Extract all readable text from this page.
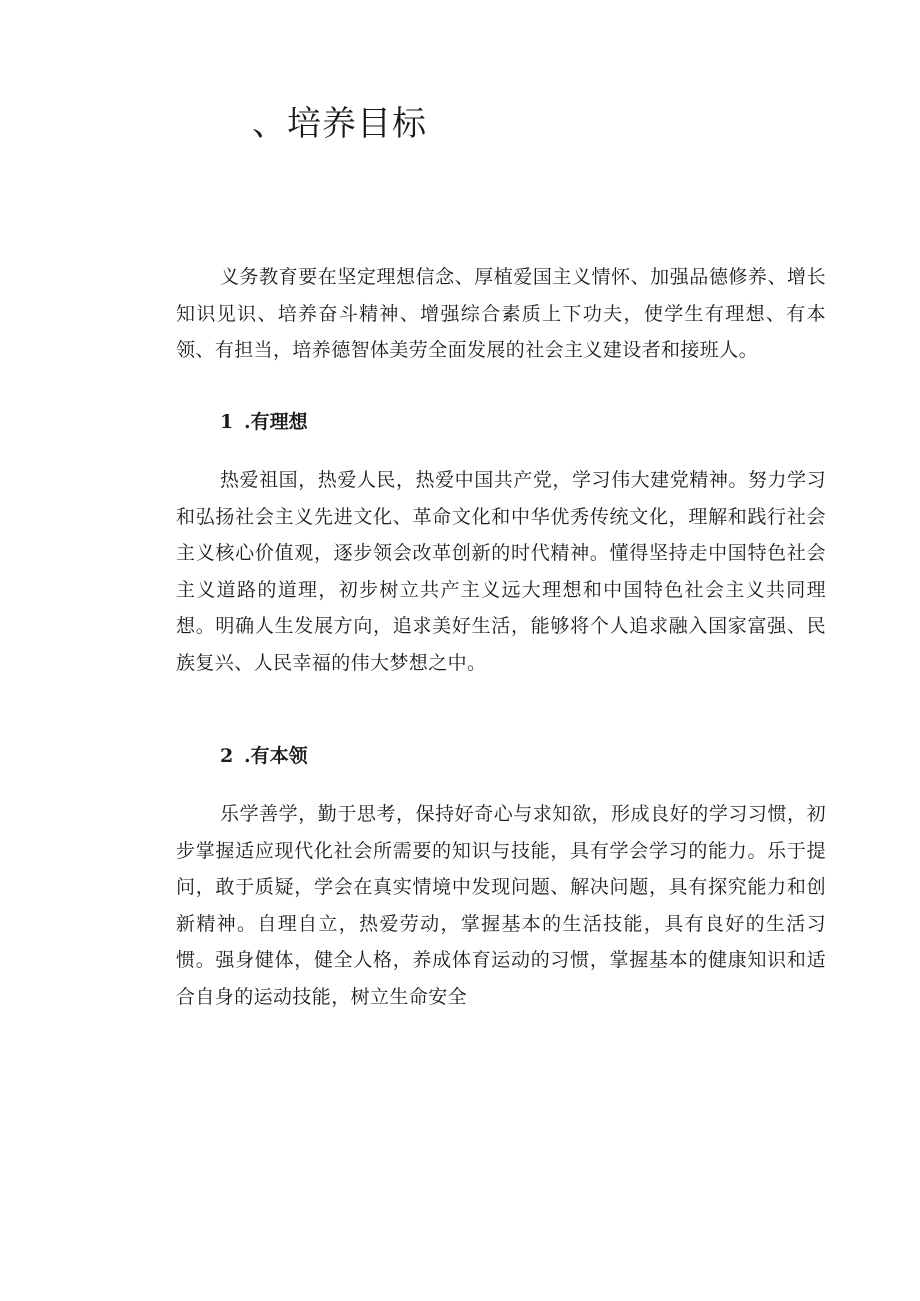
、培养目标

义务教育要在坚定理想信念、厚植爱国主义情怀、加强品德修养、增长知识见识、培养奋斗精神、增强综合素质上下功夫，使学生有理想、有本领、有担当，培养德智体美劳全面发展的社会主义建设者和接班人。

1 .有理想

热爱祖国，热爱人民，热爱中国共产党，学习伟大建党精神。努力学习和弘扬社会主义先进文化、革命文化和中华优秀传统文化，理解和践行社会主义核心价值观，逐步领会改革创新的时代精神。懂得坚持走中国特色社会主义道路的道理，初步树立共产主义远大理想和中国特色社会主义共同理想。明确人生发展方向，追求美好生活，能够将个人追求融入国家富强、民族复兴、人民幸福的伟大梦想之中。

2 .有本领

乐学善学，勤于思考，保持好奇心与求知欲，形成良好的学习习惯，初步掌握适应现代化社会所需要的知识与技能，具有学会学习的能力。乐于提问，敢于质疑，学会在真实情境中发现问题、解决问题，具有探究能力和创新精神。自理自立，热爱劳动，掌握基本的生活技能，具有良好的生活习惯。强身健体，健全人格，养成体育运动的习惯，掌握基本的健康知识和适合自身的运动技能，树立生命安全
